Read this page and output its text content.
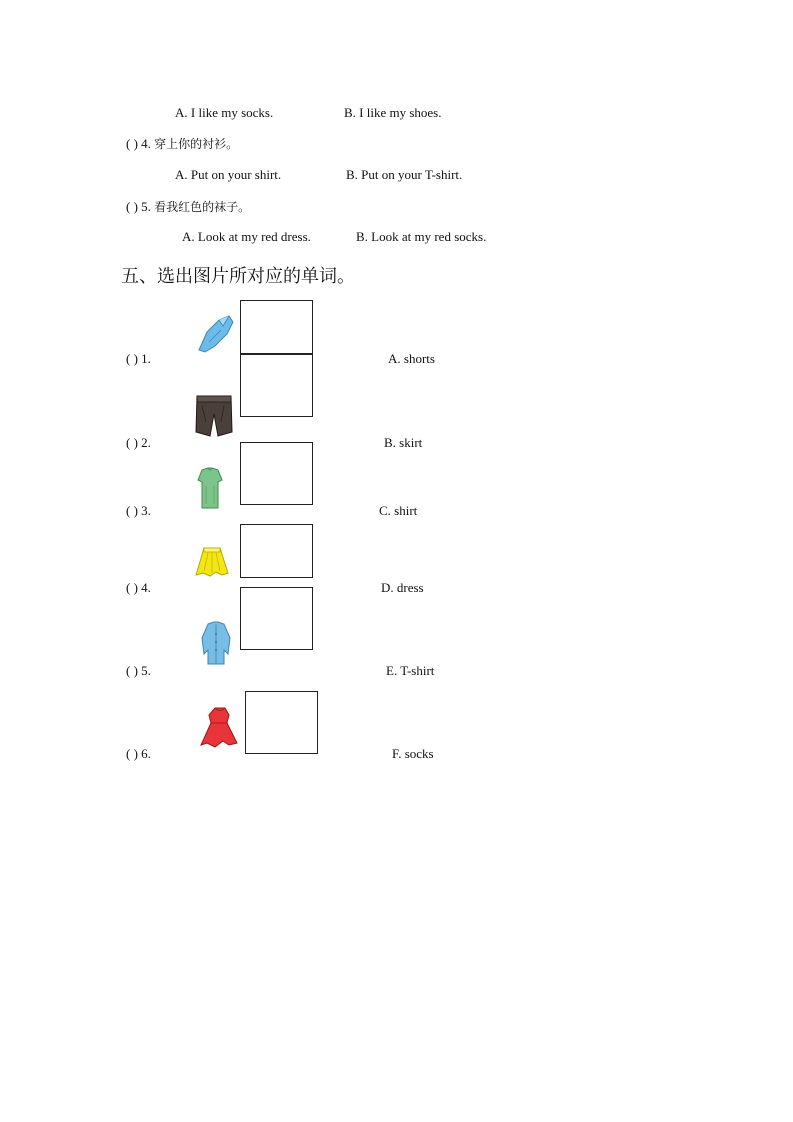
A. I like my socks.	B. I like my shoes.
( ) 4. 穿上你的衬衫。
A. Put on your shirt.	B. Put on your T-shirt.
( ) 5. 看我红色的袜子。
A. Look at my red dress.	B. Look at my red socks.
五、选出图片所对应的单词。
( ) 1.	A. shorts
( ) 2.	B. skirt
( ) 3.	C. shirt
( ) 4.	D. dress
( ) 5.	E. T-shirt
( ) 6.	F. socks
